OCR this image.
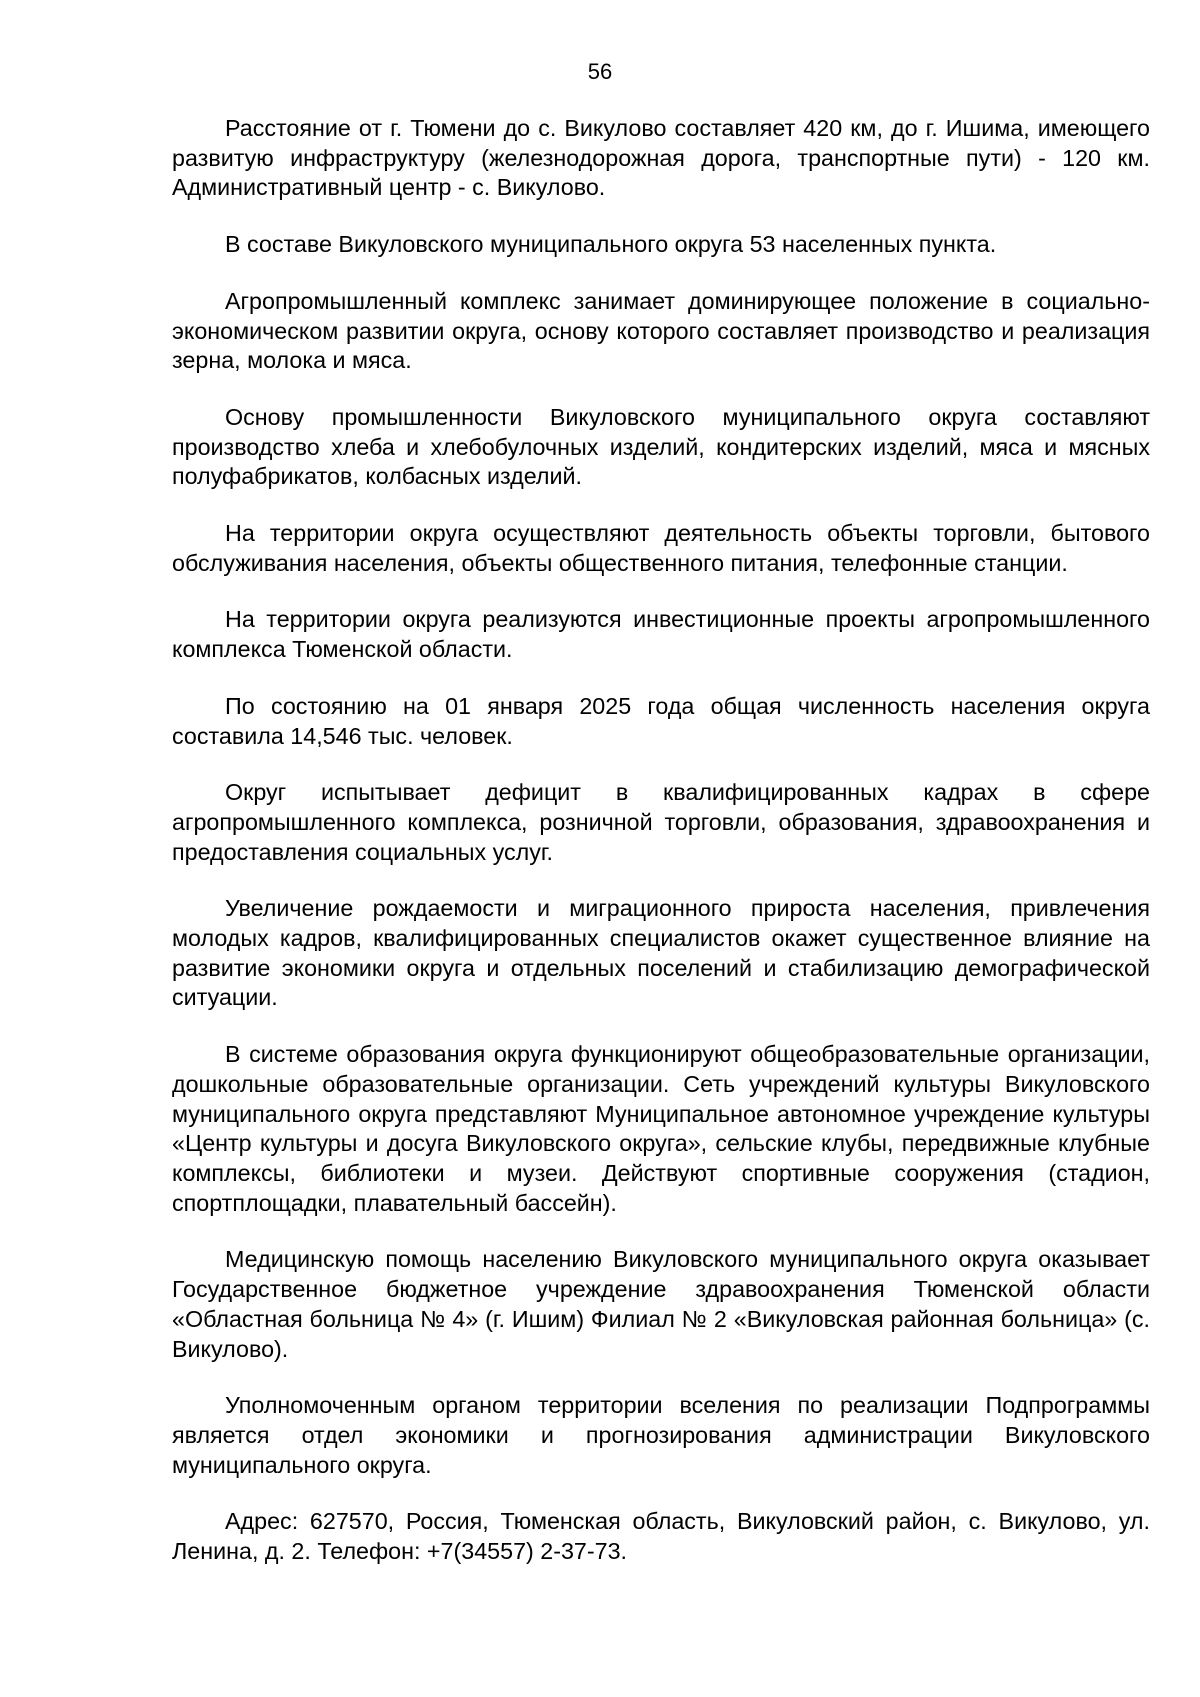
56

Расстояние от г. Тюмени до с. Викулово составляет 420 км, до г. Ишима, имеющего развитую инфраструктуру (железнодорожная дорога, транспортные пути) - 120 км. Административный центр - с. Викулово.

В составе Викуловского муниципального округа 53 населенных пункта.

Агропромышленный комплекс занимает доминирующее положение в социально-экономическом развитии округа, основу которого составляет производство и реализация зерна, молока и мяса.

Основу промышленности Викуловского муниципального округа составляют производство хлеба и хлебобулочных изделий, кондитерских изделий, мяса и мясных полуфабрикатов, колбасных изделий.

На территории округа осуществляют деятельность объекты торговли, бытового обслуживания населения, объекты общественного питания, телефонные станции.

На территории округа реализуются инвестиционные проекты агропромышленного комплекса Тюменской области.

По состоянию на 01 января 2025 года общая численность населения округа составила 14,546 тыс. человек.

Округ испытывает дефицит в квалифицированных кадрах в сфере агропромышленного комплекса, розничной торговли, образования, здравоохранения и предоставления социальных услуг.

Увеличение рождаемости и миграционного прироста населения, привлечения молодых кадров, квалифицированных специалистов окажет существенное влияние на развитие экономики округа и отдельных поселений и стабилизацию демографической ситуации.

В системе образования округа функционируют общеобразовательные организации, дошкольные образовательные организации. Сеть учреждений культуры Викуловского муниципального округа представляют Муниципальное автономное учреждение культуры «Центр культуры и досуга Викуловского округа», сельские клубы, передвижные клубные комплексы, библиотеки и музеи. Действуют спортивные сооружения (стадион, спортплощадки, плавательный бассейн).

Медицинскую помощь населению Викуловского муниципального округа оказывает Государственное бюджетное учреждение здравоохранения Тюменской области «Областная больница № 4» (г. Ишим) Филиал № 2 «Викуловская районная больница» (с. Викулово).

Уполномоченным органом территории вселения по реализации Подпрограммы является отдел экономики и прогнозирования администрации Викуловского муниципального округа.

Адрес: 627570, Россия, Тюменская область, Викуловский район, с. Викулово, ул. Ленина, д. 2. Телефон: +7(34557) 2-37-73.
